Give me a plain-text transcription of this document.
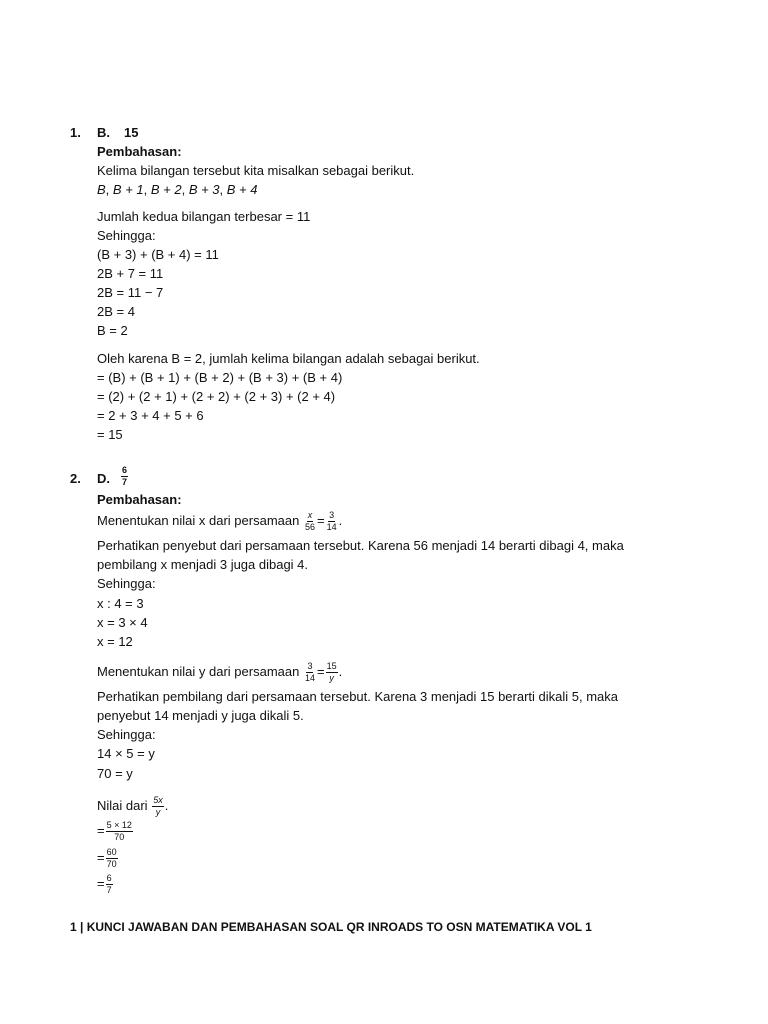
1. B. 15
Pembahasan:
Kelima bilangan tersebut kita misalkan sebagai berikut.
B, B + 1, B + 2, B + 3, B + 4
Jumlah kedua bilangan terbesar = 11
Sehingga:
(B + 3) + (B + 4) = 11
2B + 7 = 11
2B = 11 − 7
2B = 4
B = 2
Oleh karena B = 2, jumlah kelima bilangan adalah sebagai berikut.
= (B) + (B + 1) + (B + 2) + (B + 3) + (B + 4)
= (2) + (2 + 1) + (2 + 2) + (2 + 3) + (2 + 4)
= 2 + 3 + 4 + 5 + 6
= 15
2. D. $\frac{6}{7}$
Pembahasan:
Menentukan nilai x dari persamaan $\frac{x}{56} = \frac{3}{14}$ .
Perhatikan penyebut dari persamaan tersebut. Karena 56 menjadi 14 berarti dibagi 4, maka
pembilang x menjadi 3 juga dibagi 4.
Sehingga:
x : 4 = 3
x = 3 × 4
x = 12
Menentukan nilai y dari persamaan $\frac{3}{14} = \frac{15}{y}$ .
Perhatikan pembilang dari persamaan tersebut. Karena 3 menjadi 15 berarti dikali 5, maka
penyebut 14 menjadi y juga dikali 5.
Sehingga:
14 × 5 = y
70 = y
Nilai dari $\frac{5x}{y}$ .
= $\frac{5 \times 12}{70}$
= $\frac{60}{70}$
= $\frac{6}{7}$
1 | KUNCI JAWABAN DAN PEMBAHASAN SOAL QR INROADS TO OSN MATEMATIKA VOL 1
